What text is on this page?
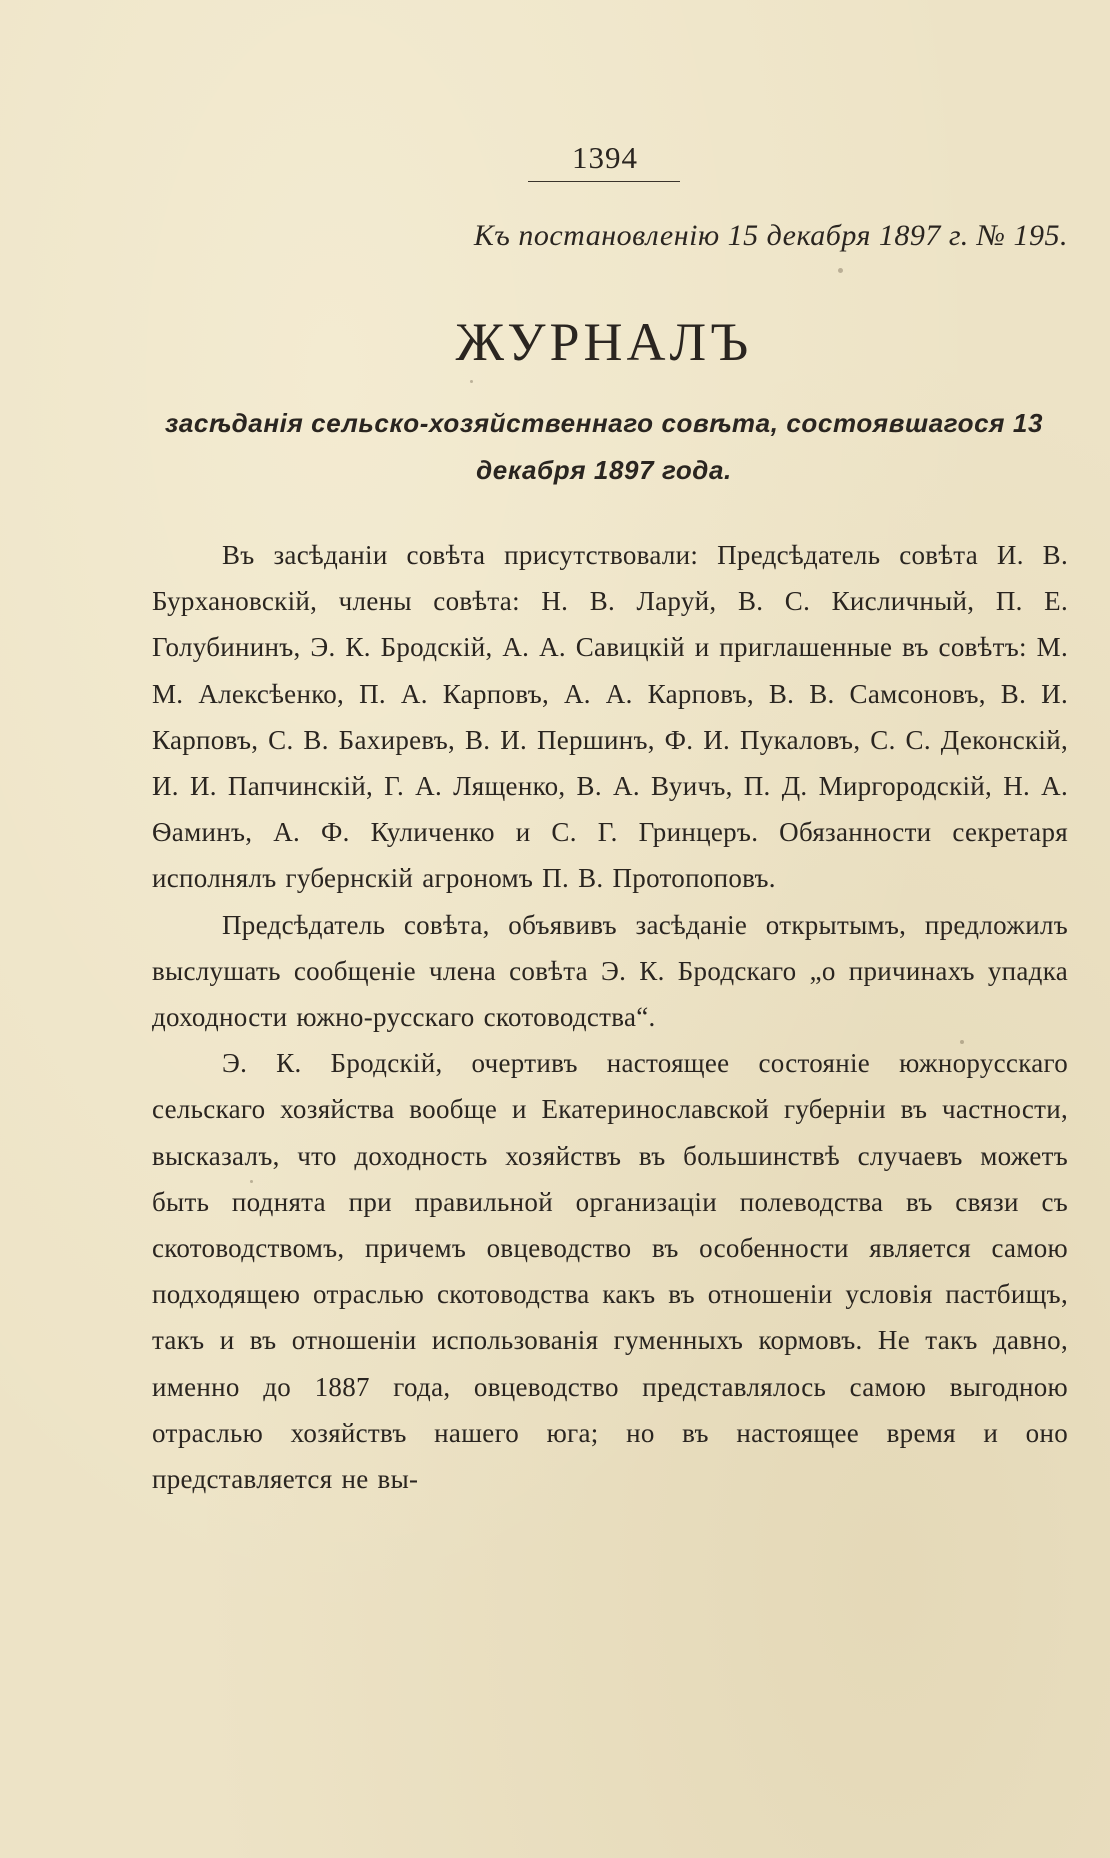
1394
Къ постановленію 15 декабря 1897 г. № 195.
ЖУРНАЛЪ
засѣданія сельско-хозяйственнаго совѣта, состоявшагося 13 декабря 1897 года.

Въ засѣданіи совѣта присутствовали: Предсѣдатель совѣта И. В. Бурхановскій, члены совѣта: Н. В. Ларуй, В. С. Кисличный, П. Е. Голубининъ, Э. К. Бродскій, А. А. Савицкій и приглашенные въ совѣтъ: М. М. Алексѣенко, П. А. Карповъ, А. А. Карповъ, В. В. Самсоновъ, В. И. Карповъ, С. В. Бахиревъ, В. И. Першинъ, Ф. И. Пукаловъ, С. С. Деконскій, И. И. Папчинскій, Г. А. Лященко, В. А. Вуичъ, П. Д. Миргородскій, Н. А. Ѳаминъ, А. Ф. Куличенко и С. Г. Гринцеръ. Обязанности секретаря исполнялъ губернскій агрономъ П. В. Протопоповъ.

Предсѣдатель совѣта, объявивъ засѣданіе открытымъ, предложилъ выслушать сообщеніе члена совѣта Э. К. Бродскаго „о причинахъ упадка доходности южно-русскаго скотоводства“.

Э. К. Бродскій, очертивъ настоящее состояніе южнорусскаго сельскаго хозяйства вообще и Екатеринославской губерніи въ частности, высказалъ, что доходность хозяйствъ въ большинствѣ случаевъ можетъ быть поднята при правильной организаціи полеводства въ связи съ скотоводствомъ, причемъ овцеводство въ особенности является самою подходящею отраслью скотоводства какъ въ отношеніи условія пастбищъ, такъ и въ отношеніи использованія гуменныхъ кормовъ. Не такъ давно, именно до 1887 года, овцеводство представлялось самою выгодною отраслью хозяйствъ нашего юга; но въ настоящее время и оно представляется не вы-
